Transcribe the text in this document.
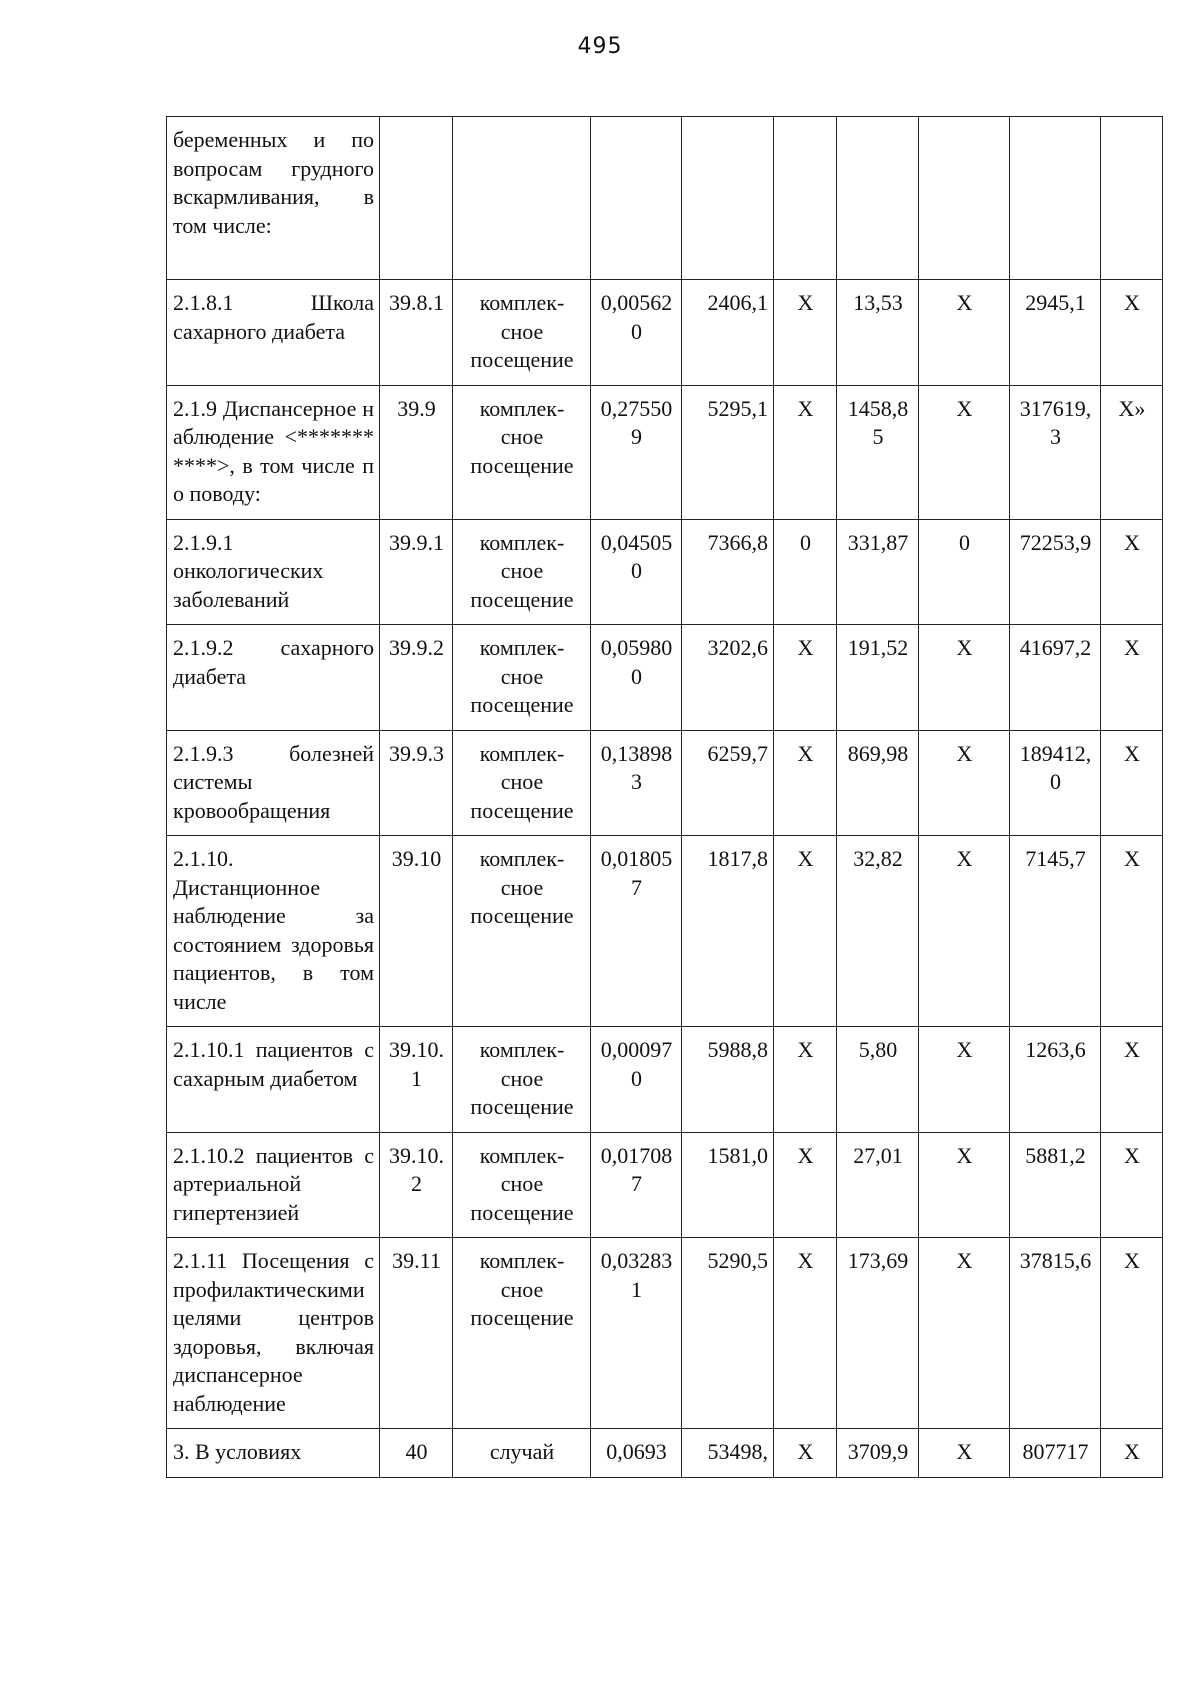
495
беременных и по вопросам грудного вскармливания, в том числе:									
2.1.8.1 Школа сахарного диабета	39.8.1	комплек-сное посещение	0,005620	2406,1	X	13,53	X	2945,1	X
2.1.9 Диспансерное наблюдение <***********>, в том числе по поводу:	39.9	комплек-сное посещение	0,275509	5295,1	X	1458,85	X	317619,3	X»
2.1.9.1 онкологических заболеваний	39.9.1	комплек-сное посещение	0,045050	7366,8	0	331,87	0	72253,9	X
2.1.9.2 сахарного диабета	39.9.2	комплек-сное посещение	0,059800	3202,6	X	191,52	X	41697,2	X
2.1.9.3 болезней системы кровообращения	39.9.3	комплек-сное посещение	0,138983	6259,7	X	869,98	X	189412,0	X
2.1.10. Дистанционное наблюдение за состоянием здоровья пациентов, в том числе	39.10	комплек-сное посещение	0,018057	1817,8	X	32,82	X	7145,7	X
2.1.10.1 пациентов с сахарным диабетом	39.10.1	комплек-сное посещение	0,000970	5988,8	X	5,80	X	1263,6	X
2.1.10.2 пациентов с артериальной гипертензией	39.10.2	комплек-сное посещение	0,017087	1581,0	X	27,01	X	5881,2	X
2.1.11 Посещения с профилактическими целями центров здоровья, включая диспансерное наблюдение	39.11	комплек-сное посещение	0,032831	5290,5	X	173,69	X	37815,6	X
3. В условиях	40	случай	0,0693	53498,	X	3709,9	X	807717	X
